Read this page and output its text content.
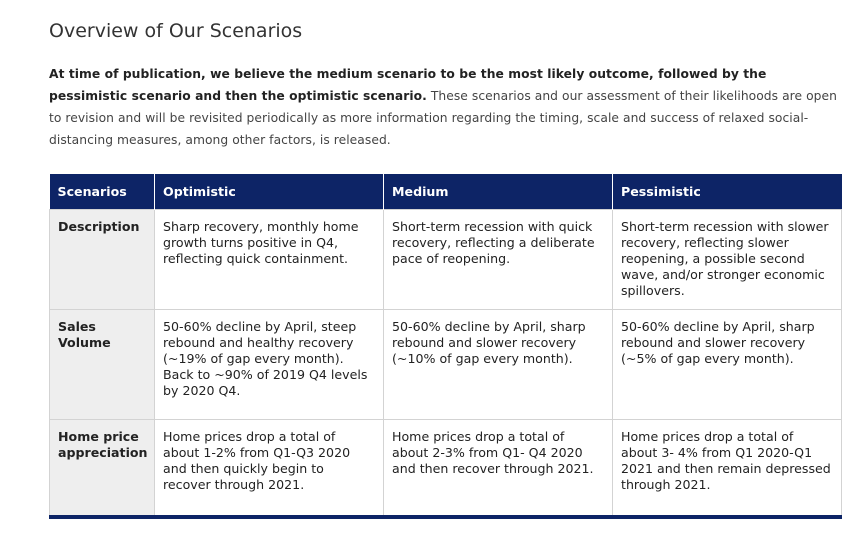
Overview of Our Scenarios

At time of publication, we believe the medium scenario to be the most likely outcome, followed by the pessimistic scenario and then the optimistic scenario. These scenarios and our assessment of their likelihoods are open to revision and will be revisited periodically as more information regarding the timing, scale and success of relaxed social-distancing measures, among other factors, is released.

Scenarios	Optimistic	Medium	Pessimistic
Description	Sharp recovery, monthly home growth turns positive in Q4, reflecting quick containment.	Short-term recession with quick recovery, reflecting a deliberate pace of reopening.	Short-term recession with slower recovery, reflecting slower reopening, a possible second wave, and/or stronger economic spillovers.
Sales Volume	50-60% decline by April, steep rebound and healthy recovery (~19% of gap every month). Back to ~90% of 2019 Q4 levels by 2020 Q4.	50-60% decline by April, sharp rebound and slower recovery (~10% of gap every month).	50-60% decline by April, sharp rebound and slower recovery (~5% of gap every month).
Home price appreciation	Home prices drop a total of about 1-2% from Q1-Q3 2020 and then quickly begin to recover through 2021.	Home prices drop a total of about 2-3% from Q1- Q4 2020 and then recover through 2021.	Home prices drop a total of about 3- 4% from Q1 2020-Q1 2021 and then remain depressed through 2021.
